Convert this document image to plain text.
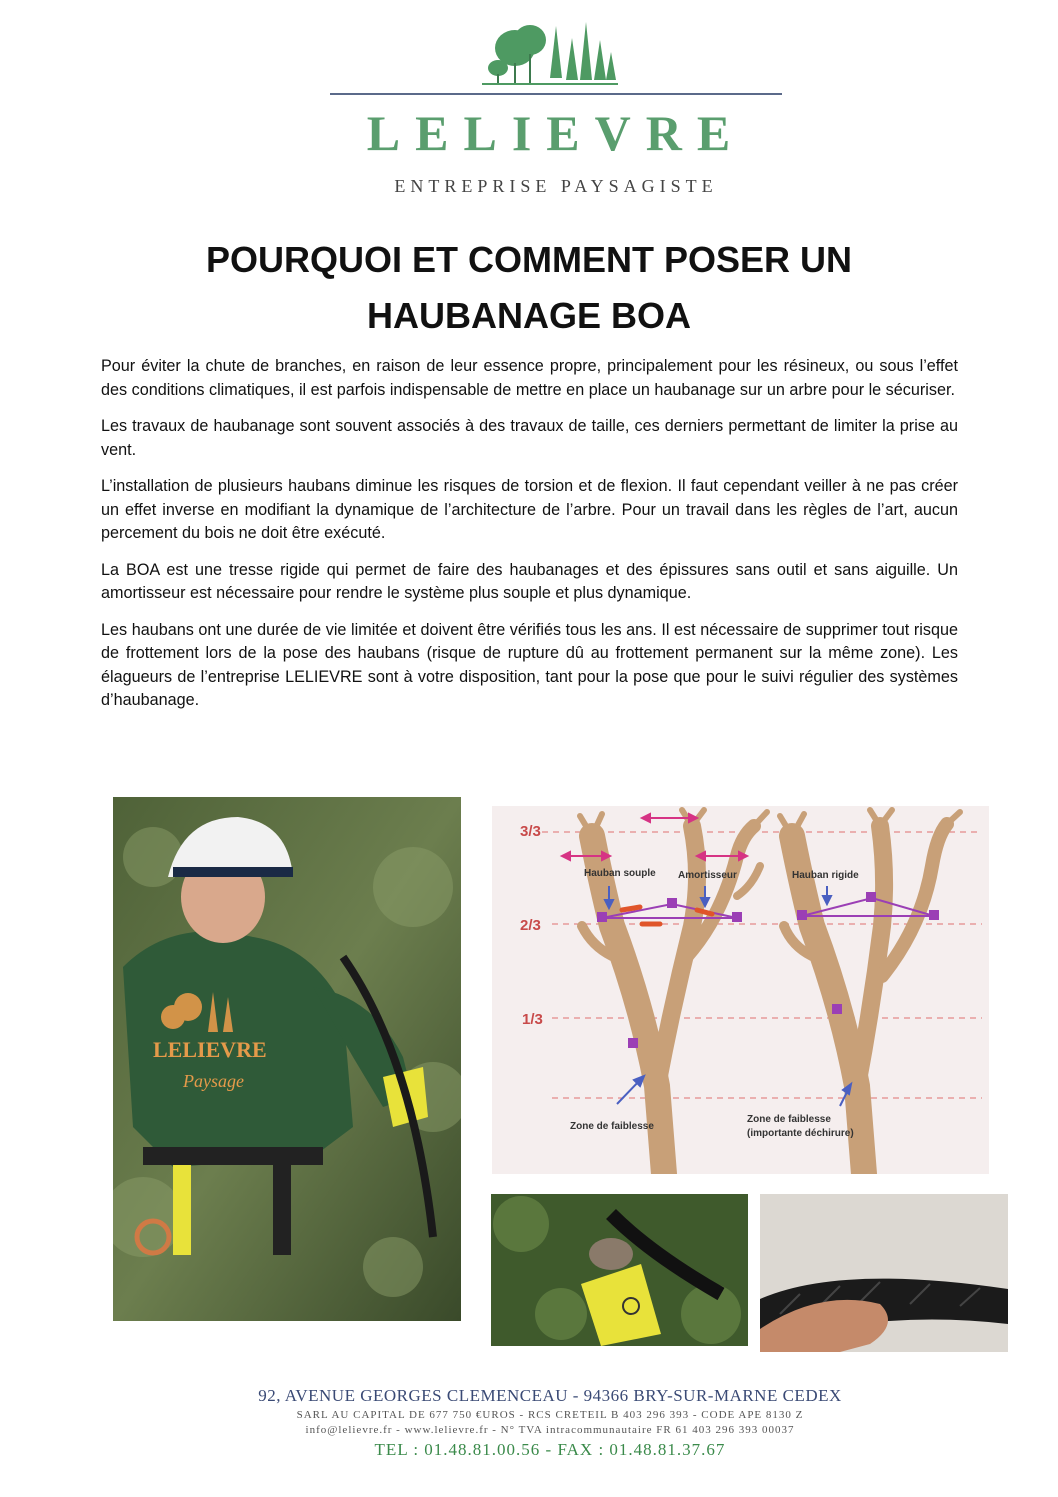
LELIEVRE
ENTREPRISE PAYSAGISTE
POURQUOI ET COMMENT POSER UN
HAUBANAGE BOA

Pour éviter la chute de branches, en raison de leur essence propre, principalement pour les résineux, ou sous l’effet des conditions climatiques, il est parfois indispensable de mettre en place un haubanage sur un arbre pour le sécuriser.

Les travaux de haubanage sont souvent associés à des travaux de taille, ces derniers permettant de limiter la prise au vent.

L’installation de plusieurs haubans diminue les risques de torsion et de flexion. Il faut cependant veiller à ne pas créer un effet inverse en modifiant la dynamique de l’architecture de l’arbre. Pour un travail dans les règles de l’art, aucun percement du bois ne doit être exécuté.

La BOA est une tresse rigide qui permet de faire des haubanages et des épissures sans outil et sans aiguille. Un amortisseur est nécessaire pour rendre le système plus souple et plus dynamique.

Les haubans ont une durée de vie limitée et doivent être vérifiés tous les ans. Il est nécessaire de supprimer tout risque de frottement lors de la pose des haubans (risque de rupture dû au frottement permanent sur la même zone). Les élagueurs de l’entreprise LELIEVRE sont à votre disposition, tant pour la pose que pour le suivi régulier des systèmes d’haubanage.

LELIEVRE
Paysage
3/3
2/3
1/3
Hauban souple Amortisseur	Hauban rigide
Zone de faiblesse
Zone de faiblesse
(importante déchirure)
92, AVENUE GEORGES CLEMENCEAU - 94366 BRY-SUR-MARNE CEDEX
SARL AU CAPITAL DE 677 750 €UROS - RCS CRETEIL B 403 296 393 - CODE APE 8130 Z
info@lelievre.fr - www.lelievre.fr - N° TVA intracommunautaire FR 61 403 296 393 00037
TEL : 01.48.81.00.56 - FAX : 01.48.81.37.67
